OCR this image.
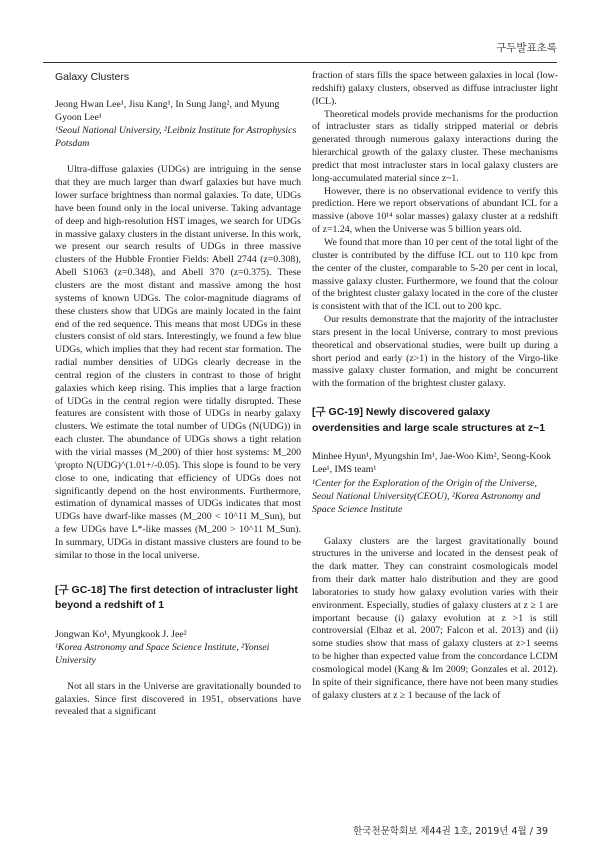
구두발표초록

Galaxy Clusters

Jeong Hwan Lee¹, Jisu Kang¹, In Sung Jang², and Myung Gyoon Lee¹

¹Seoul National University, ²Leibniz Institute for Astrophysics Potsdam

Ultra-diffuse galaxies (UDGs) are intriguing in the sense that they are much larger than dwarf galaxies but have much lower surface brightness than normal galaxies. To date, UDGs have been found only in the local universe. Taking advantage of deep and high-resolution HST images, we search for UDGs in massive galaxy clusters in the distant universe. In this work, we present our search results of UDGs in three massive clusters of the Hubble Frontier Fields: Abell 2744 (z=0.308), Abell S1063 (z=0.348), and Abell 370 (z=0.375). These clusters are the most distant and massive among the host systems of known UDGs. The color-magnitude diagrams of these clusters show that UDGs are mainly located in the faint end of the red sequence. This means that most UDGs in these clusters consist of old stars. Interestingly, we found a few blue UDGs, which implies that they had recent star formation. The radial number densities of UDGs clearly decrease in the central region of the clusters in contrast to those of bright galaxies which keep rising. This implies that a large fraction of UDGs in the central region were tidally disrupted. These features are consistent with those of UDGs in nearby galaxy clusters. We estimate the total number of UDGs (N(UDG)) in each cluster. The abundance of UDGs shows a tight relation with the virial masses (M_200) of thier host systems: M_200 \propto N(UDG)^(1.01+/-0.05). This slope is found to be very close to one, indicating that efficiency of UDGs does not significantly depend on the host environments. Furthermore, estimation of dynamical masses of UDGs indicates that most UDGs have dwarf-like masses (M_200 < 10^11 M_Sun), but a few UDGs have L*-like masses (M_200 > 10^11 M_Sun). In summary, UDGs in distant massive clusters are found to be similar to those in the local universe.

[구 GC-18] The first detection of intracluster light beyond a redshift of 1

Jongwan Ko¹, Myungkook J. Jee²

¹Korea Astronomy and Space Science Institute, ²Yonsei University

Not all stars in the Universe are gravitationally bounded to galaxies. Since first discovered in 1951, observations have revealed that a significant

fraction of stars fills the space between galaxies in local (low-redshift) galaxy clusters, observed as diffuse intracluster light (ICL).

Theoretical models provide mechanisms for the production of intracluster stars as tidally stripped material or debris generated through numerous galaxy interactions during the hierarchical growth of the galaxy cluster. These mechanisms predict that most intracluster stars in local galaxy clusters are long-accumulated material since z~1.

However, there is no observational evidence to verify this prediction. Here we report observations of abundant ICL for a massive (above 10¹⁴ solar masses) galaxy cluster at a redshift of z=1.24, when the Universe was 5 billion years old.

We found that more than 10 per cent of the total light of the cluster is contributed by the diffuse ICL out to 110 kpc from the center of the cluster, comparable to 5-20 per cent in local, massive galaxy cluster. Furthermore, we found that the colour of the brightest cluster galaxy located in the core of the cluster is consistent with that of the ICL out to 200 kpc.

Our results demonstrate that the majority of the intracluster stars present in the local Universe, contrary to most previous theoretical and observational studies, were built up during a short period and early (z>1) in the history of the Virgo-like massive galaxy cluster formation, and might be concurrent with the formation of the brightest cluster galaxy.

[구 GC-19] Newly discovered galaxy overdensities and large scale structures at z~1

Minhee Hyun¹, Myungshin Im¹, Jae-Woo Kim², Seong-Kook Lee¹, IMS team¹

¹Center for the Exploration of the Origin of the Universe, Seoul National University(CEOU), ²Korea Astronomy and Space Science Institute

Galaxy clusters are the largest gravitationally bound structures in the universe and located in the densest peak of the dark matter. They can constraint cosmologicals model from their dark matter halo distribution and they are good laboratories to study how galaxy evolution varies with their environment. Especially, studies of galaxy clusters at z ≥ 1 are important because (i) galaxy evolution at z >1 is still controversial (Elbaz et al. 2007; Falcon et al. 2013) and (ii) some studies show that mass of galaxy clusters at z>1 seems to be higher than expected value from the concordance LCDM cosmological model (Kang & Im 2009; Gonzales et al. 2012). In spite of their significance, there have not been many studies of galaxy clusters at z ≥ 1 because of the lack of

한국천문학회보 제44권 1호, 2019년 4월 / 39
